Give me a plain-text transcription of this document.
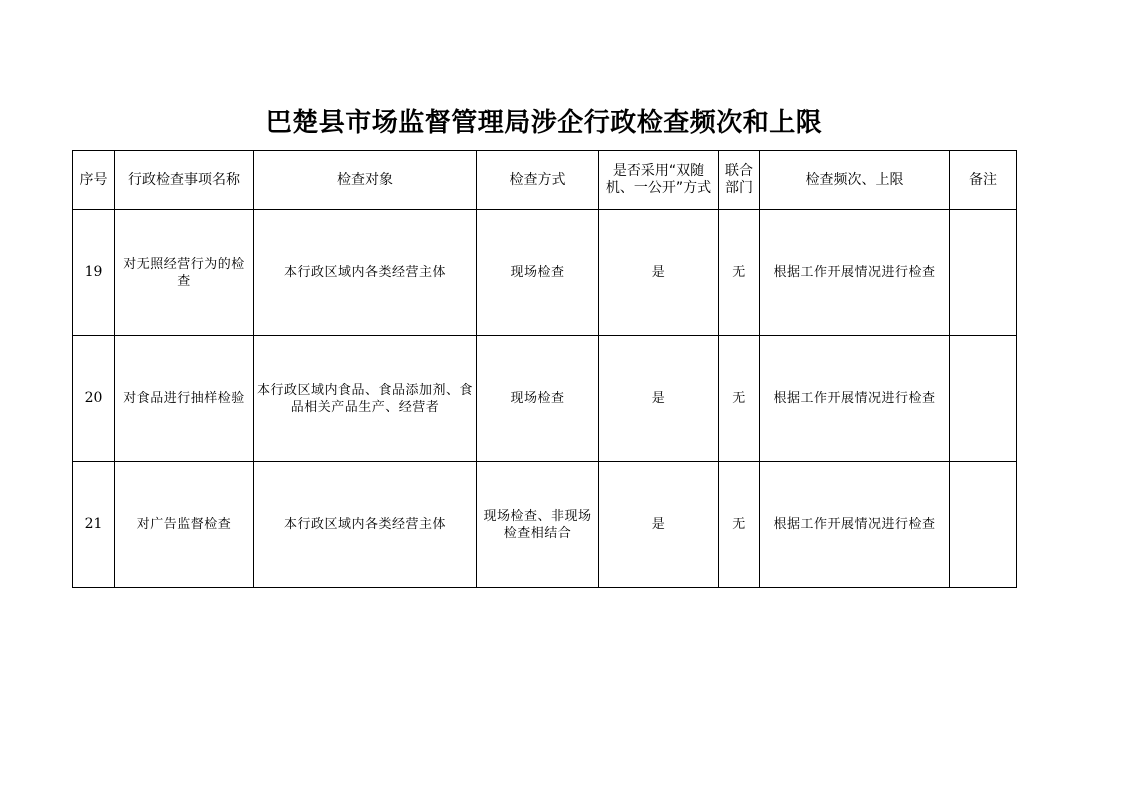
巴楚县市场监督管理局涉企行政检查频次和上限
序号	行政检查事项名称	检查对象	检查方式	是否采用“双随机、一公开”方式	联合部门	检查频次、上限	备注
19	对无照经营行为的检查	本行政区域内各类经营主体	现场检查	是	无	根据工作开展情况进行检查	
20	对食品进行抽样检验	本行政区域内食品、食品添加剂、食品相关产品生产、经营者	现场检查	是	无	根据工作开展情况进行检查	
21	对广告监督检查	本行政区域内各类经营主体	现场检查、非现场检查相结合	是	无	根据工作开展情况进行检查	
